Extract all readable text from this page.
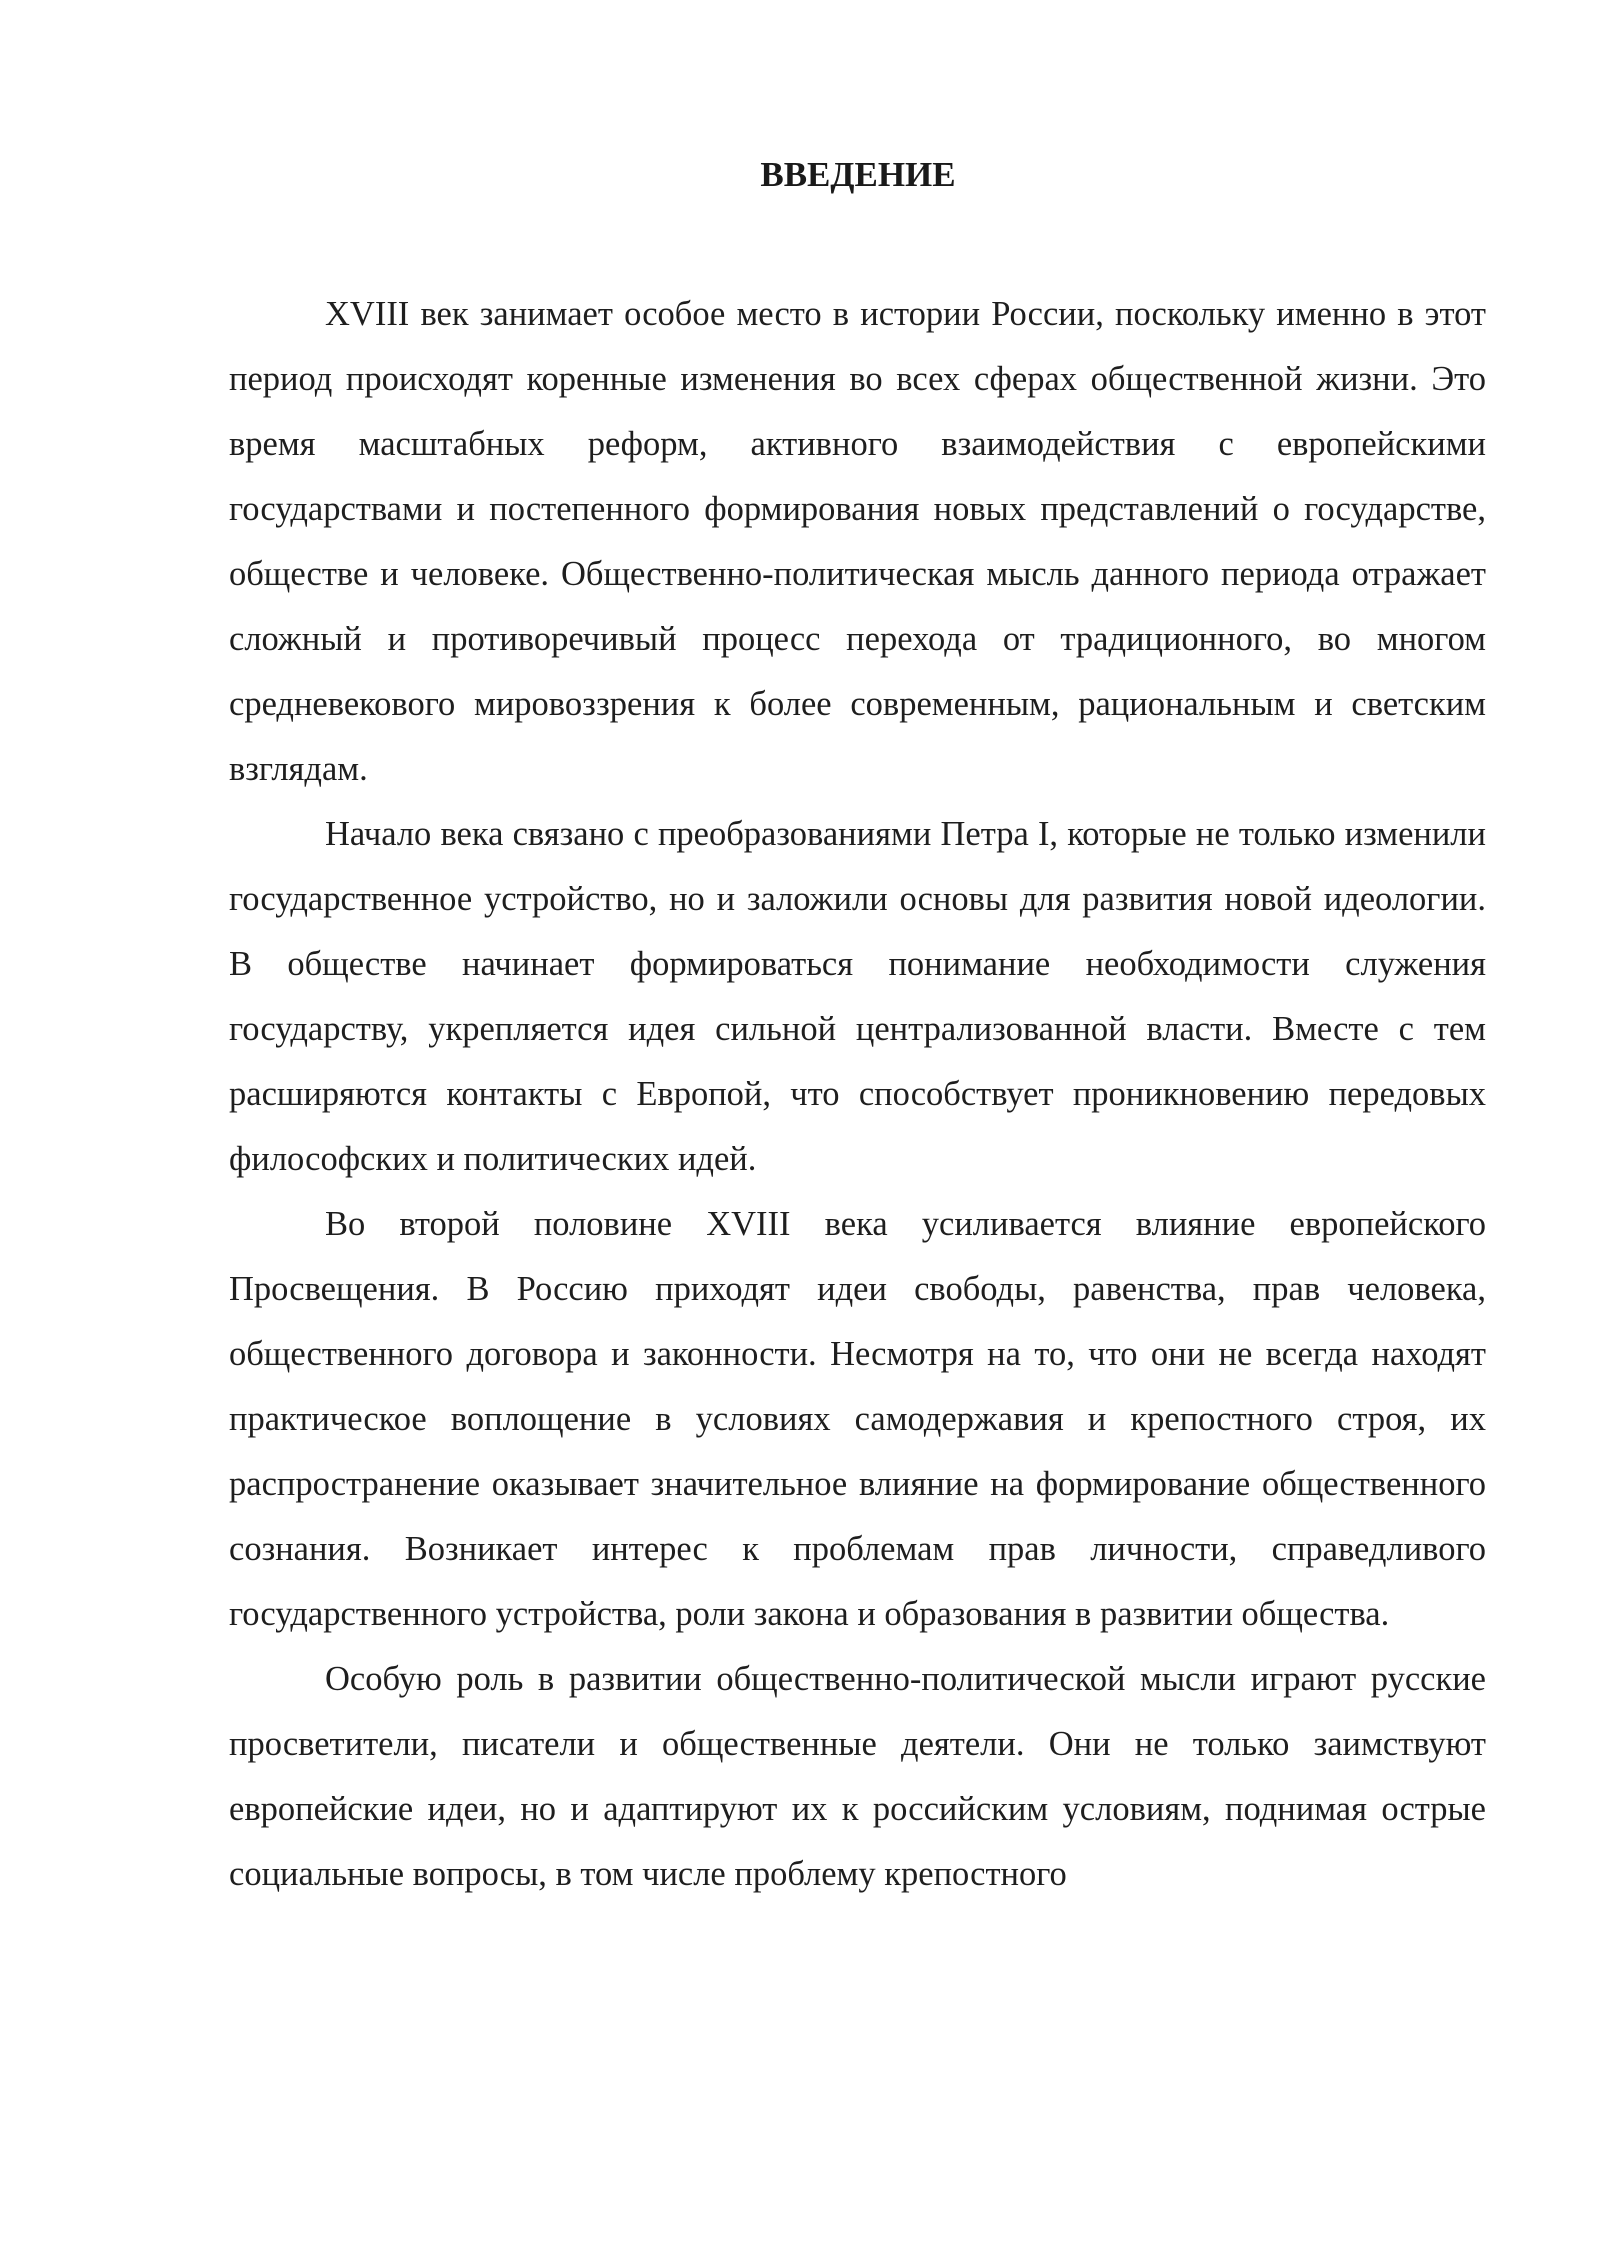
ВВЕДЕНИЕ

XVIII век занимает особое место в истории России, поскольку именно в этот период происходят коренные изменения во всех сферах общественной жизни. Это время масштабных реформ, активного взаимодействия с европейскими государствами и постепенного формирования новых представлений о государстве, обществе и человеке. Общественно-политическая мысль данного периода отражает сложный и противоречивый процесс перехода от традиционного, во многом средневекового мировоззрения к более современным, рациональным и светским взглядам.

Начало века связано с преобразованиями Петра I, которые не только изменили государственное устройство, но и заложили основы для развития новой идеологии. В обществе начинает формироваться понимание необходимости служения государству, укрепляется идея сильной централизованной власти. Вместе с тем расширяются контакты с Европой, что способствует проникновению передовых философских и политических идей.

Во второй половине XVIII века усиливается влияние европейского Просвещения. В Россию приходят идеи свободы, равенства, прав человека, общественного договора и законности. Несмотря на то, что они не всегда находят практическое воплощение в условиях самодержавия и крепостного строя, их распространение оказывает значительное влияние на формирование общественного сознания. Возникает интерес к проблемам прав личности, справедливого государственного устройства, роли закона и образования в развитии общества.

Особую роль в развитии общественно-политической мысли играют русские просветители, писатели и общественные деятели. Они не только заимствуют европейские идеи, но и адаптируют их к российским условиям, поднимая острые социальные вопросы, в том числе проблему крепостного
